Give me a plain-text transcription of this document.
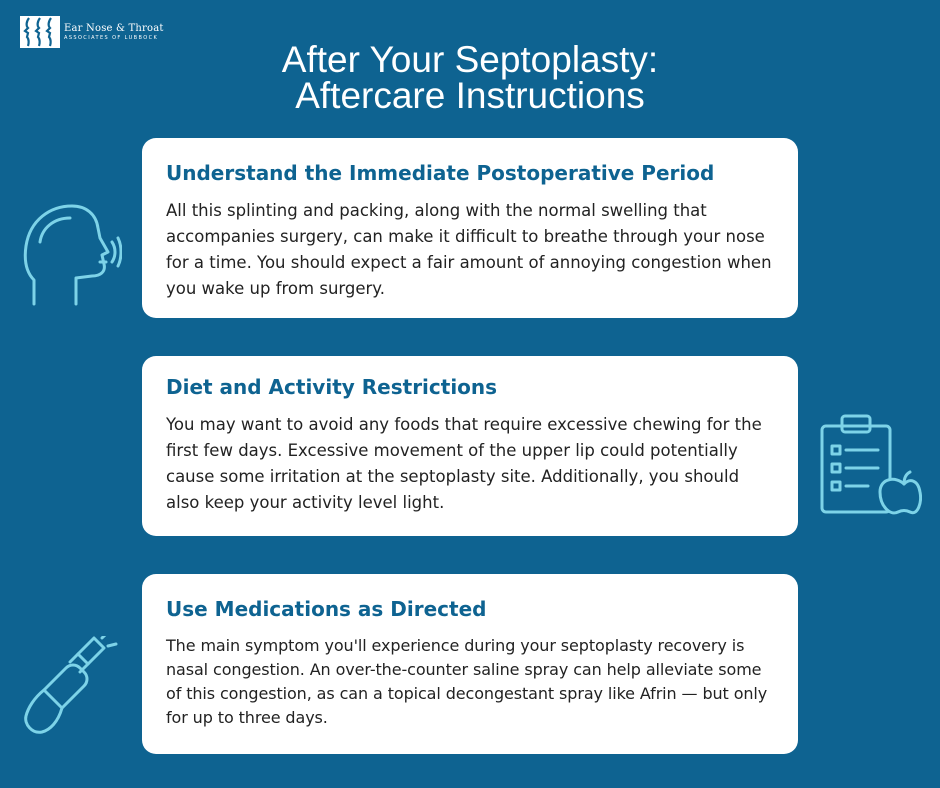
Ear Nose & Throat
ASSOCIATES OF LUBBOCK
After Your Septoplasty:
Aftercare Instructions
Understand the Immediate Postoperative Period
All this splinting and packing, along with the normal swelling that accompanies surgery, can make it difficult to breathe through your nose for a time. You should expect a fair amount of annoying congestion when you wake up from surgery.
Diet and Activity Restrictions
You may want to avoid any foods that require excessive chewing for the first few days. Excessive movement of the upper lip could potentially cause some irritation at the septoplasty site. Additionally, you should also keep your activity level light.
Use Medications as Directed
The main symptom you'll experience during your septoplasty recovery is nasal congestion. An over-the-counter saline spray can help alleviate some of this congestion, as can a topical decongestant spray like Afrin — but only for up to three days.
